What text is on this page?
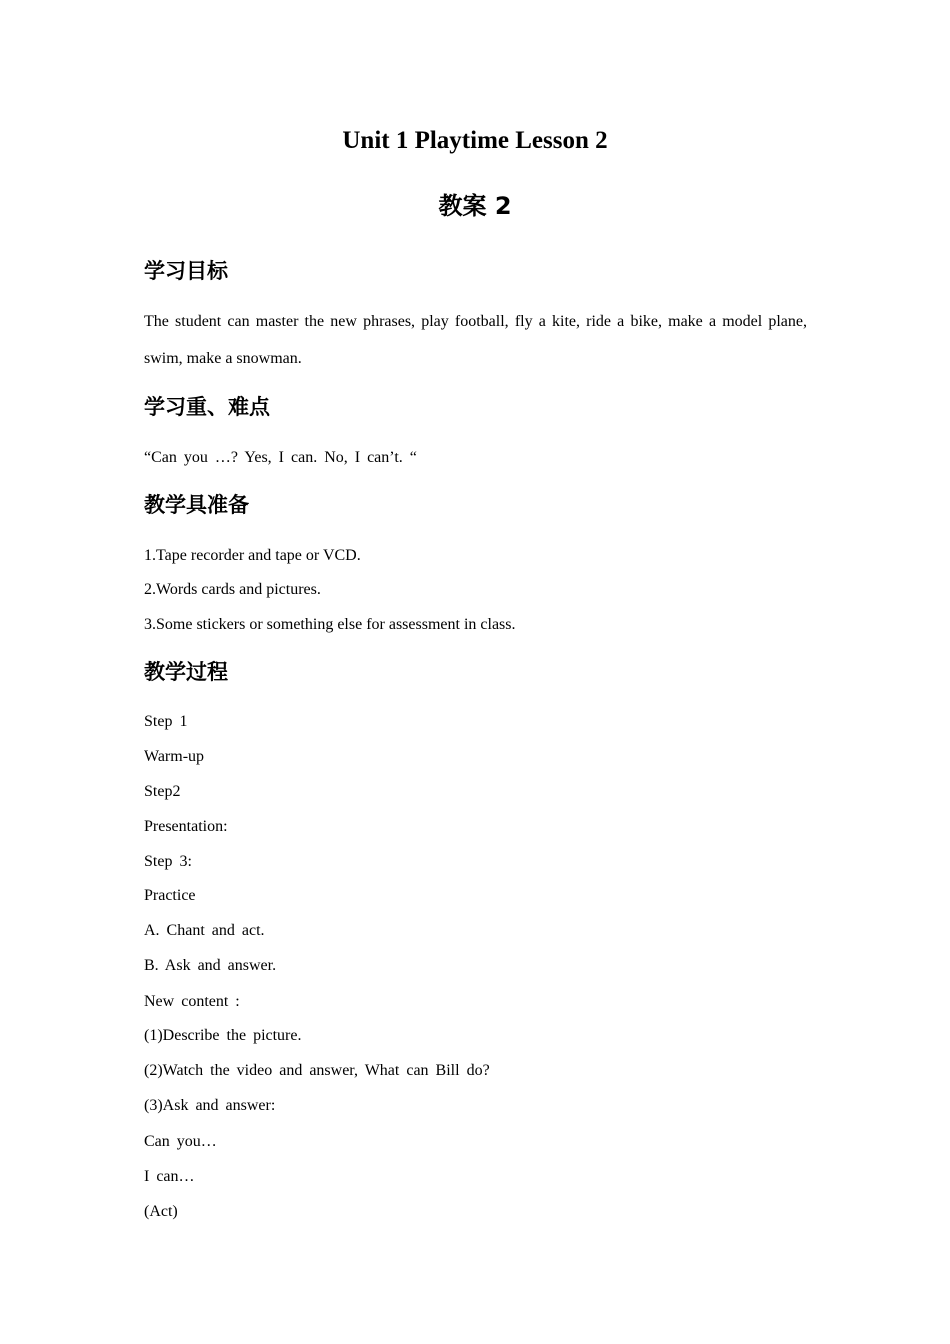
Unit 1 Playtime Lesson 2
教案 2
学习目标

The student can master the new phrases, play football, fly a kite, ride a bike, make a model plane, swim, make a snowman.

学习重、难点

“Can you …? Yes, I can. No, I can’t. “

教学具准备

1.Tape recorder and tape or VCD.

2.Words cards and pictures.

3.Some stickers or something else for assessment in class.

教学过程

Step 1

Warm-up

Step2

Presentation:

Step 3:

Practice

A. Chant and act.

B. Ask and answer.

New content :

(1)Describe the picture.

(2)Watch the video and answer, What can Bill do?

(3)Ask and answer:

Can you…

I can…

(Act)
